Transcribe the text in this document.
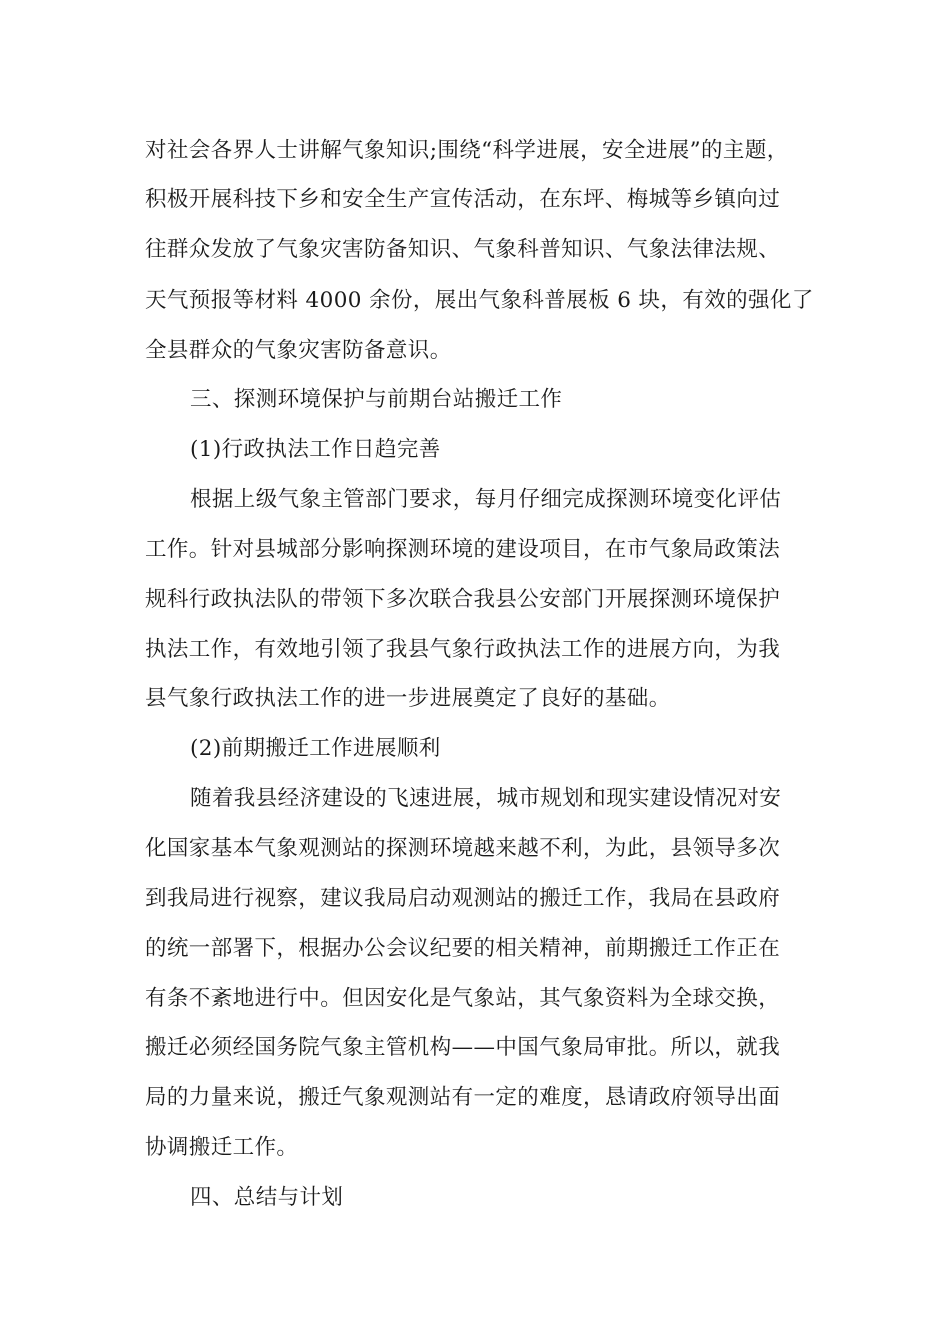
对社会各界人士讲解气象知识;围绕“科学进展，安全进展”的主题，
积极开展科技下乡和安全生产宣传活动，在东坪、梅城等乡镇向过
往群众发放了气象灾害防备知识、气象科普知识、气象法律法规、
天气预报等材料 4000 余份，展出气象科普展板 6 块，有效的强化了
全县群众的气象灾害防备意识。
三、探测环境保护与前期台站搬迁工作
(1)行政执法工作日趋完善
根据上级气象主管部门要求，每月仔细完成探测环境变化评估
工作。针对县城部分影响探测环境的建设项目，在市气象局政策法
规科行政执法队的带领下多次联合我县公安部门开展探测环境保护
执法工作，有效地引领了我县气象行政执法工作的进展方向，为我
县气象行政执法工作的进一步进展奠定了良好的基础。
(2)前期搬迁工作进展顺利
随着我县经济建设的飞速进展，城市规划和现实建设情况对安
化国家基本气象观测站的探测环境越来越不利，为此，县领导多次
到我局进行视察，建议我局启动观测站的搬迁工作，我局在县政府
的统一部署下，根据办公会议纪要的相关精神，前期搬迁工作正在
有条不紊地进行中。但因安化是气象站，其气象资料为全球交换，
搬迁必须经国务院气象主管机构——中国气象局审批。所以，就我
局的力量来说，搬迁气象观测站有一定的难度，恳请政府领导出面
协调搬迁工作。
四、总结与计划
